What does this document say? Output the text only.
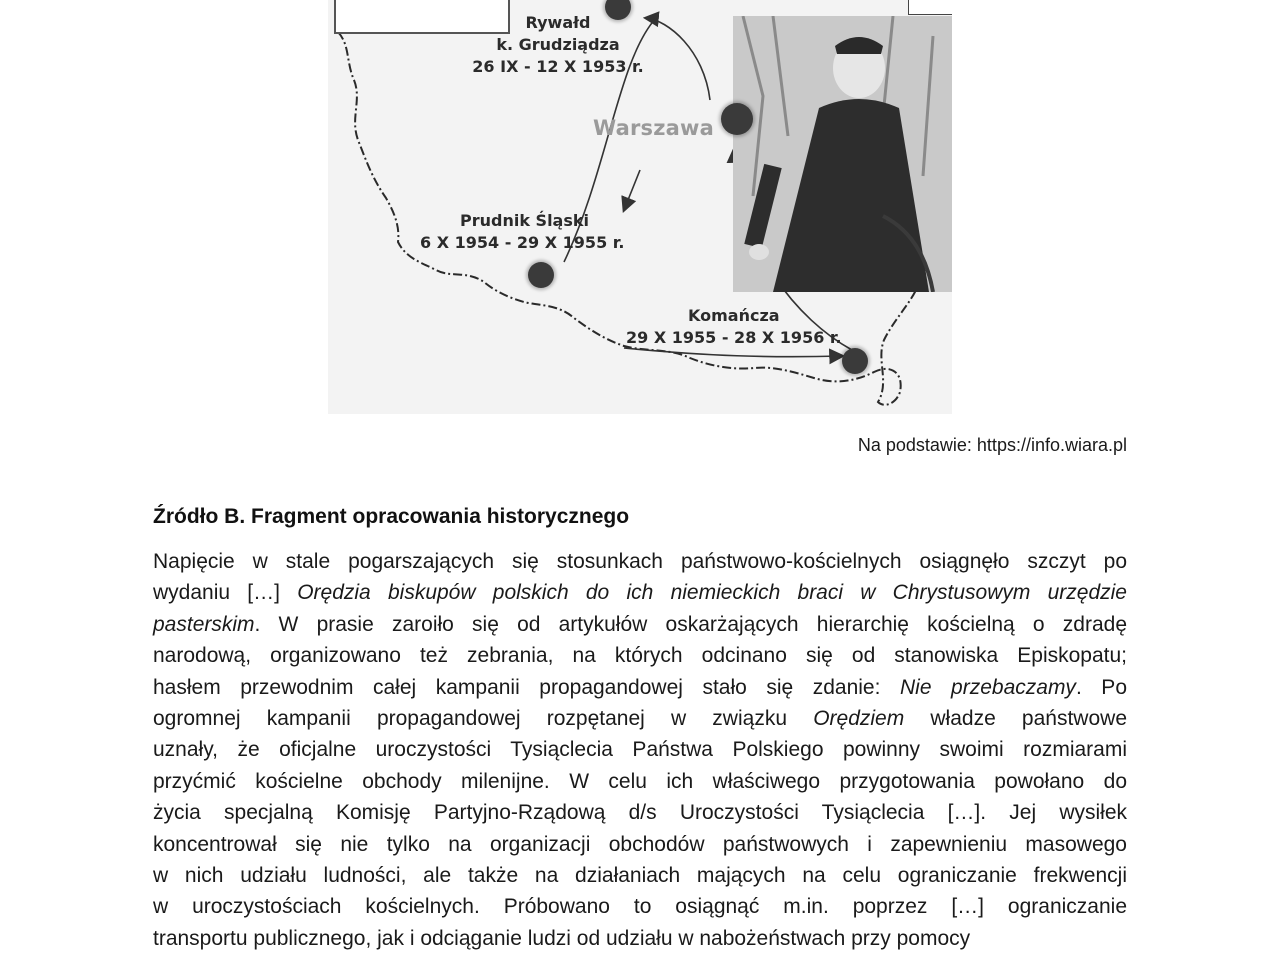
Rywałd
k. Grudziądza
26 IX - 12 X 1953 r.
Warszawa
Prudnik Śląski
6 X 1954 - 29 X 1955 r.
Komańcza
29 X 1955 - 28 X 1956 r.
Na podstawie: https://info.wiara.pl
Źródło B. Fragment opracowania historycznego
Napięcie w stale pogarszających się stosunkach państwowo-kościelnych osiągnęło szczyt po
wydaniu […] Orędzia biskupów polskich do ich niemieckich braci w Chrystusowym urzędzie
pasterskim. W prasie zaroiło się od artykułów oskarżających hierarchię kościelną o zdradę
narodową, organizowano też zebrania, na których odcinano się od stanowiska Episkopatu;
hasłem przewodnim całej kampanii propagandowej stało się zdanie: Nie przebaczamy. Po
ogromnej kampanii propagandowej rozpętanej w związku Orędziem władze państwowe
uznały, że oficjalne uroczystości Tysiąclecia Państwa Polskiego powinny swoimi rozmiarami
przyćmić kościelne obchody milenijne. W celu ich właściwego przygotowania powołano do
życia specjalną Komisję Partyjno-Rządową d/s Uroczystości Tysiąclecia […]. Jej wysiłek
koncentrował się nie tylko na organizacji obchodów państwowych i zapewnieniu masowego
w nich udziału ludności, ale także na działaniach mających na celu ograniczanie frekwencji
w uroczystościach kościelnych. Próbowano to osiągnąć m.in. poprzez […] ograniczanie
transportu publicznego, jak i odciąganie ludzi od udziału w nabożeństwach przy pomocy
